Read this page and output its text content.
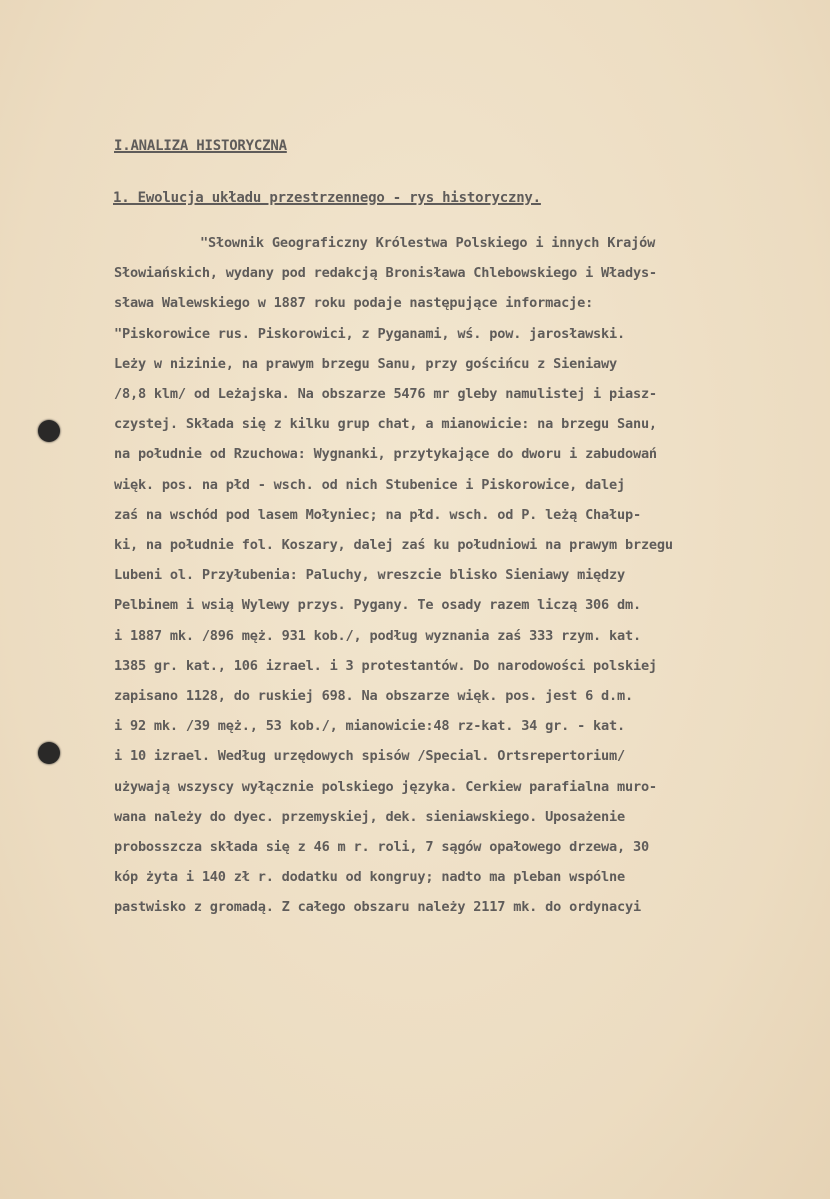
I.ANALIZA HISTORYCZNA
1. Ewolucja układu przestrzennego - rys historyczny.
"Słownik Geograficzny Królestwa Polskiego i innych Krajów
Słowiańskich, wydany pod redakcją Bronisława Chlebowskiego i Władys-
sława Walewskiego w 1887 roku podaje następujące informacje:
"Piskorowice rus. Piskorowici, z Pyganami, wś. pow. jarosławski.
Leży w nizinie, na prawym brzegu Sanu, przy gościńcu z Sieniawy
/8,8 klm/ od Leżajska. Na obszarze 5476 mr gleby namulistej i piasz-
czystej. Składa się z kilku grup chat, a mianowicie: na brzegu Sanu,
na południe od Rzuchowa: Wygnanki, przytykające do dworu i zabudowań
więk. pos. na płd - wsch. od nich Stubenice i Piskorowice, dalej
zaś na wschód pod lasem Mołyniec; na płd. wsch. od P. leżą Chałup-
ki, na południe fol. Koszary, dalej zaś ku południowi na prawym brzegu
Lubeni ol. Przyłubenia: Paluchy, wreszcie blisko Sieniawy między
Pelbinem i wsią Wylewy przys. Pygany. Te osady razem liczą 306 dm.
i 1887 mk. /896 męż. 931 kob./, podług wyznania zaś 333 rzym. kat.
1385 gr. kat., 106 izrael. i 3 protestantów. Do narodowości polskiej
zapisano 1128, do ruskiej 698. Na obszarze więk. pos. jest 6 d.m.
i 92 mk. /39 męż., 53 kob./, mianowicie:48 rz-kat. 34 gr. - kat.
i 10 izrael. Według urzędowych spisów /Special. Ortsrepertorium/
używają wszyscy wyłącznie polskiego języka. Cerkiew parafialna muro-
wana należy do dyec. przemyskiej, dek. sieniawskiego. Uposażenie
probosszcza składa się z 46 m r. roli, 7 sągów opałowego drzewa, 30
kóp żyta i 140 zł r. dodatku od kongruy; nadto ma pleban wspólne
pastwisko z gromadą. Z całego obszaru należy 2117 mk. do ordynacyi
